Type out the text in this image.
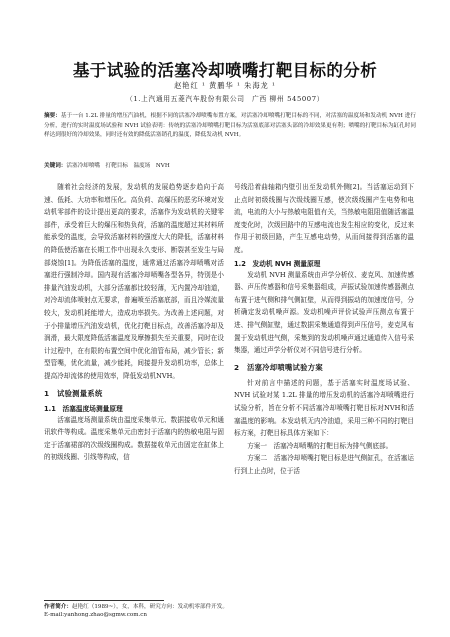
基于试验的活塞冷却喷嘴打靶目标的分析
赵艳红 ¹ 黄鹏华 ¹ 朱海龙 ¹
（1.上汽通用五菱汽车股份有限公司　广西 柳州 545007）
摘要：基于一台 1.2L 排量的增压汽油机，根据不同的活塞冷却喷嘴布置方案，对活塞冷却喷嘴打靶目标的不同，对活塞的温度场和发动机 NVH 进行分析，进行的实时温度场试验和 NVH 试验表明：传统的活塞冷却喷嘴打靶目标为活塞底部对活塞头部的冷却效果更有利；喷嘴的打靶目标为缸孔时同样达到很好的冷却效果，同时还有效的降低活塞销孔的温度，降低发动机 NVH。
关键词：活塞冷却喷嘴　打靶目标　温度场　NVH

随着社会经济的发展，发动机的发展趋势逐步趋向于高速、低耗、大功率和增压化。高负荷、高爆压的恶劣环境对发动机零部件的设计提出更高的要求，活塞作为发动机的关键零部件，承受着巨大的爆压和热负荷，活塞的温度超过其材料所能承受的温度，会导致活塞材料的强度大大的降低，活塞材料的降低使活塞在长期工作中出现永久变形、断裂甚至发生与局部烧蚀[1]。为降低活塞的温度，通常通过活塞冷却喷嘴对活塞进行强制冷却。国内现有活塞冷却喷嘴各型各异，特别是小排量汽油发动机，大部分活塞都比较轻薄，无内置冷却油道，对冷却流体喷射点无要求，普遍喷至活塞底部，而且冷媒流量较大，发动机耗能增大，造成功率损失。为改善上述问题，对于小排量增压汽油发动机，优化打靶目标点，改善活塞冷却及润滑，最大限度降低活塞温度及摩擦损失至关重要，同时在设计过程中，在有限的布置空间中优化油管布局，减少管长；新型管嘴，优化流量，减少能耗，间接提升发动机功率，总体上提高冷却流体的使用效率，降低发动机NVH。

1　试验测量系统
1.1　活塞温度场测量原理

活塞温度场测量系统由温度采集单元、数据接收单元和通讯软件等构成。温度采集单元由密封于活塞内的热敏电阻与固定于活塞裙部的次级线圈构成。数据接收单元由固定在缸体上的初级线圈、引线等构成，信

号线沿着曲轴箱内壁引出至发动机外侧[2]。当活塞运动到下止点时初级线圈与次级线圈互感，使次级线圈产生电势和电流，电流的大小与热敏电阻值有关，当热敏电阻阻值随活塞温度变化时，次级回路中的互感电流也发生相应的变化，反过来作用于初级回路，产生互感电动势，从而间接得到活塞的温度。

1.2　发动机 NVH 测量原理

发动机 NVH 测量系统由声学分析仪、麦克风、加速传感器、声压传感器和信号采集器组成，声振试验加速传感器测点布置于进气侧和排气侧缸壁，从而得到振动的加速度信号，分析确定发动机噪声源。发动机噪声评价试验声压测点布置于进、排气侧缸壁，通过数据采集通道得到声压信号，麦克风布置于发动机进气侧，采集到的发动机噪声通过通道传入信号采集器，通过声学分析仪对不同信号进行分析。

2　活塞冷却喷嘴试验方案

针对前言中描述的问题，基于活塞实时温度场试验、NVH 试验对某 1.2L 排量的增压发动机的活塞冷却喷嘴进行试验分析，旨在分析不同活塞冷却喷嘴打靶目标对NVH和活塞温度的影响。本发动机无内冷油道，采用三种不同的打靶目标方案，打靶目标具体方案如下：

方案一　活塞冷却喷嘴的打靶目标为排气侧底部。

方案二　活塞冷却喷嘴打靶目标是进气侧缸孔，在活塞运行到上止点时，位于活

作者简介：赵艳红（1989~），女，本科，研究方向：发动机零部件开发。
E-mail:yanhong.zhao@sgmw.com.cn
